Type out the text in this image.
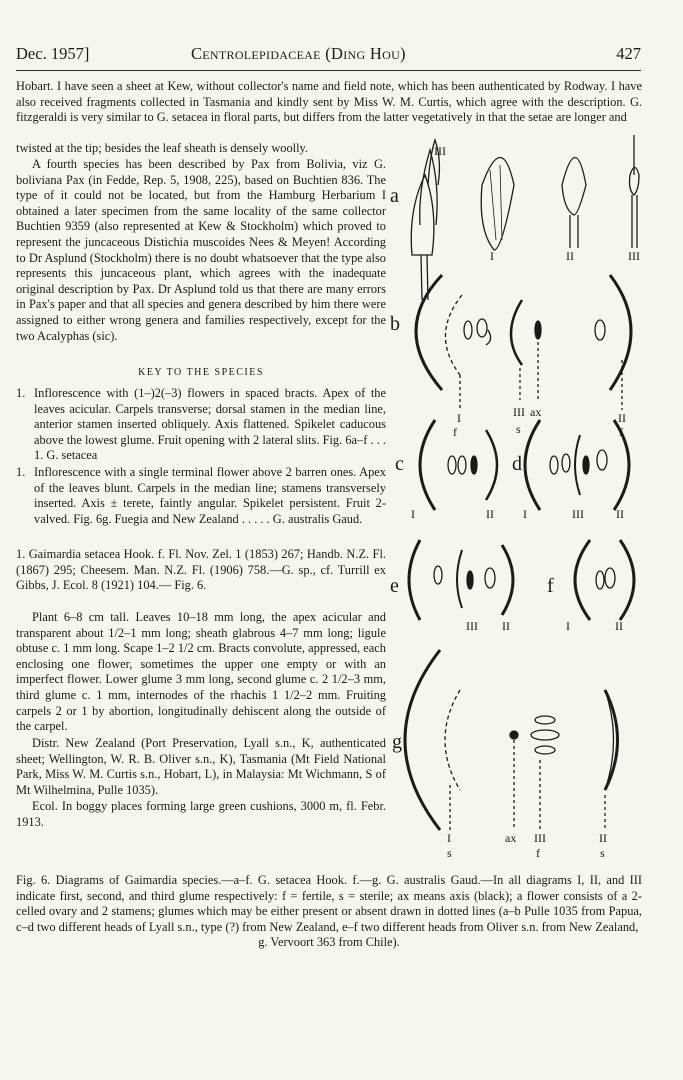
Dec. 1957]	Centrolepidaceae (Ding Hou)	427

Hobart. I have seen a sheet at Kew, without collector's name and field note, which has been authenticated by Rodway. I have also received fragments collected in Tasmania and kindly sent by Miss W. M. Curtis, which agree with the description. G. fitzgeraldi is very similar to G. setacea in floral parts, but differs from the latter vegetatively in that the setae are longer and

twisted at the tip; besides the leaf sheath is densely woolly.

A fourth species has been described by Pax from Bolivia, viz G. boliviana Pax (in Fedde, Rep. 5, 1908, 225), based on Buchtien 836. The type of it could not be located, but from the Hamburg Herbarium I obtained a later specimen from the same locality of the same collector Buchtien 9359 (also represented at Kew & Stockholm) which proved to represent the juncaceous Distichia muscoides Nees & Meyen! According to Dr Asplund (Stockholm) there is no doubt whatsoever that the type also represents this juncaceous plant, which agrees with the inadequate original description by Pax. Dr Asplund told us that there are many errors in Pax's paper and that all species and genera described by him there were assigned to either wrong genera and families respectively, except for the two Acalyphas (sic).

KEY TO THE SPECIES
1. Inflorescence with (1–)2(–3) flowers in spaced bracts. Apex of the leaves acicular. Carpels transverse; dorsal stamen in the median line, anterior stamen inserted obliquely. Axis flattened. Spikelet caducous above the lowest glume. Fruit opening with 2 lateral slits. Fig. 6a–f . . . 1. G. setacea
1. Inflorescence with a single terminal flower above 2 barren ones. Apex of the leaves blunt. Carpels in the median line; stamens transversely inserted. Axis ± terete, faintly angular. Spikelet persistent. Fruit 2-valved. Fig. 6g. Fuegia and New Zealand . . . . . G. australis Gaud.

1. Gaimardia setacea Hook. f. Fl. Nov. Zel. 1 (1853) 267; Handb. N.Z. Fl. (1867) 295; Cheesem. Man. N.Z. Fl. (1906) 758.—G. sp., cf. Turrill ex Gibbs, J. Ecol. 8 (1921) 104.— Fig. 6.

Plant 6–8 cm tall. Leaves 10–18 mm long, the apex acicular and transparent about 1/2–1 mm long; sheath glabrous 4–7 mm long; ligule obtuse c. 1 mm long. Scape 1–2 1/2 cm. Bracts convolute, appressed, each enclosing one flower, sometimes the upper one empty or with an imperfect flower. Lower glume 3 mm long, second glume c. 2 1/2–3 mm, third glume c. 1 mm, internodes of the rhachis 1 1/2–2 mm. Fruiting carpels 2 or 1 by abortion, longitudinally dehiscent along the outside of the carpel.

Distr. New Zealand (Port Preservation, Lyall s.n., K, authenticated sheet; Wellington, W. R. B. Oliver s.n., K), Tasmania (Mt Field National Park, Miss W. M. Curtis s.n., Hobart, L), in Malaysia: Mt Wichmann, S of Mt Wilhelmina, Pulle 1035).

Ecol. In boggy places forming large green cushions, 3000 m, fl. Febr. 1913.

a
b
c	d
e	f
g
III
I	II	III
I
f
III ax
s
II
f
I	II I	III	II
III II	I	II
I
s
ax III
f
II
s
Fig. 6. Diagrams of Gaimardia species.—a–f. G. setacea Hook. f.—g. G. australis Gaud.—In all diagrams I, II, and III indicate first, second, and third glume respectively: f = fertile, s = sterile; ax means axis (black); a flower consists of a 2-celled ovary and 2 stamens; glumes which may be either present or absent drawn in dotted lines (a–b Pulle 1035 from Papua, c–d two different heads of Lyall s.n., type (?) from New Zealand, e–f two different heads from Oliver s.n. from New Zealand,
g. Vervoort 363 from Chile).
